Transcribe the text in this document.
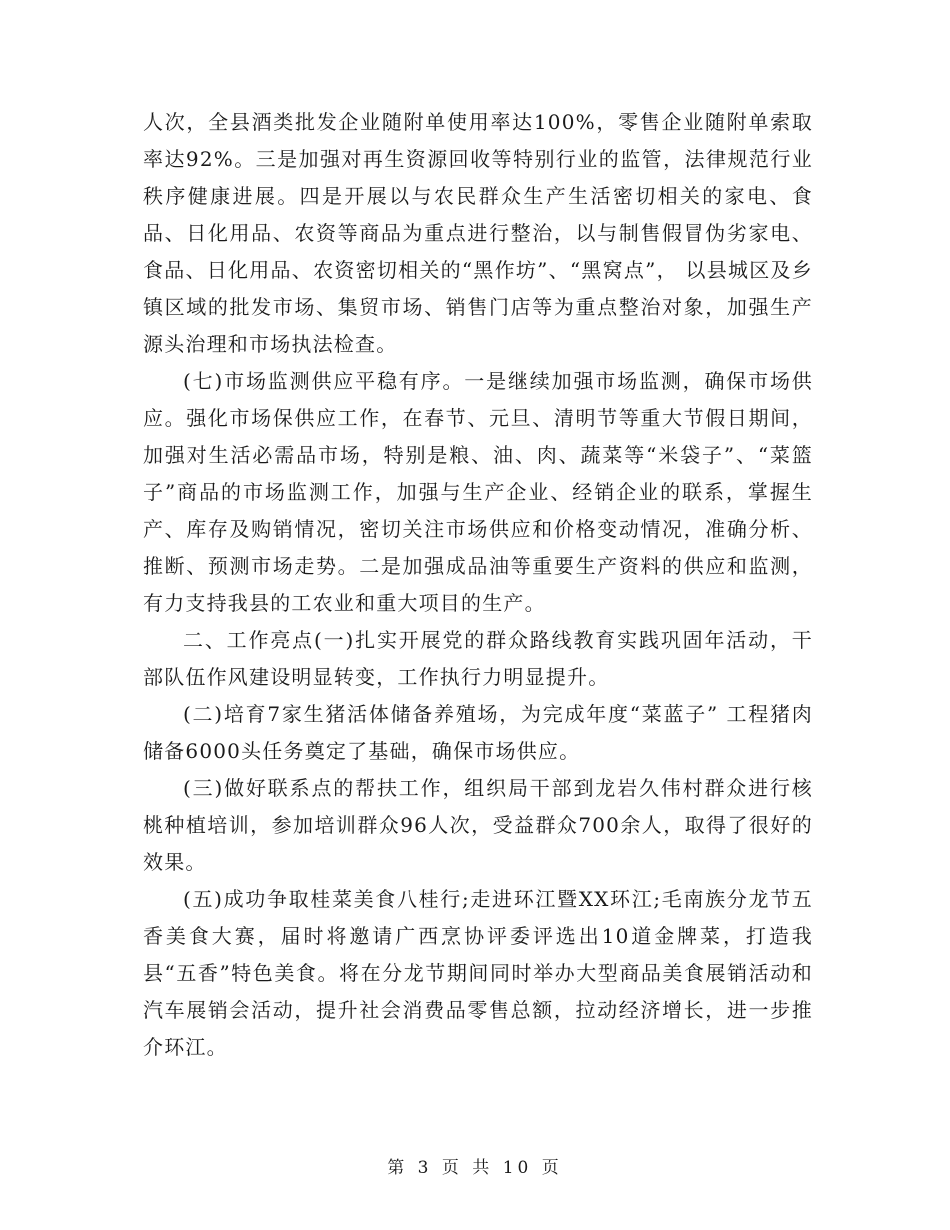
人次，全县酒类批发企业随附单使用率达100%，零售企业随附单索取率达92%。三是加强对再生资源回收等特别行业的监管，法律规范行业秩序健康进展。四是开展以与农民群众生产生活密切相关的家电、食品、日化用品、农资等商品为重点进行整治，以与制售假冒伪劣家电、食品、日化用品、农资密切相关的“黑作坊”、“黑窝点”， 以县城区及乡镇区域的批发市场、集贸市场、销售门店等为重点整治对象，加强生产源头治理和市场执法检查。

(七)市场监测供应平稳有序。一是继续加强市场监测，确保市场供应。强化市场保供应工作，在春节、元旦、清明节等重大节假日期间，加强对生活必需品市场，特别是粮、油、肉、蔬菜等“米袋子”、“菜篮子”商品的市场监测工作，加强与生产企业、经销企业的联系，掌握生产、库存及购销情况，密切关注市场供应和价格变动情况，准确分析、推断、预测市场走势。二是加强成品油等重要生产资料的供应和监测，有力支持我县的工农业和重大项目的生产。

二、工作亮点(一)扎实开展党的群众路线教育实践巩固年活动，干部队伍作风建设明显转变，工作执行力明显提升。

(二)培育7家生猪活体储备养殖场，为完成年度“菜蓝子” 工程猪肉储备6000头任务奠定了基础，确保市场供应。

(三)做好联系点的帮扶工作，组织局干部到龙岩久伟村群众进行核桃种植培训，参加培训群众96人次，受益群众700余人，取得了很好的效果。

(五)成功争取桂菜美食八桂行;走进环江暨XX环江;毛南族分龙节五香美食大赛，届时将邀请广西烹协评委评选出10道金牌菜，打造我县“五香”特色美食。将在分龙节期间同时举办大型商品美食展销活动和汽车展销会活动，提升社会消费品零售总额，拉动经济增长，进一步推介环江。

第 3 页 共 10 页
